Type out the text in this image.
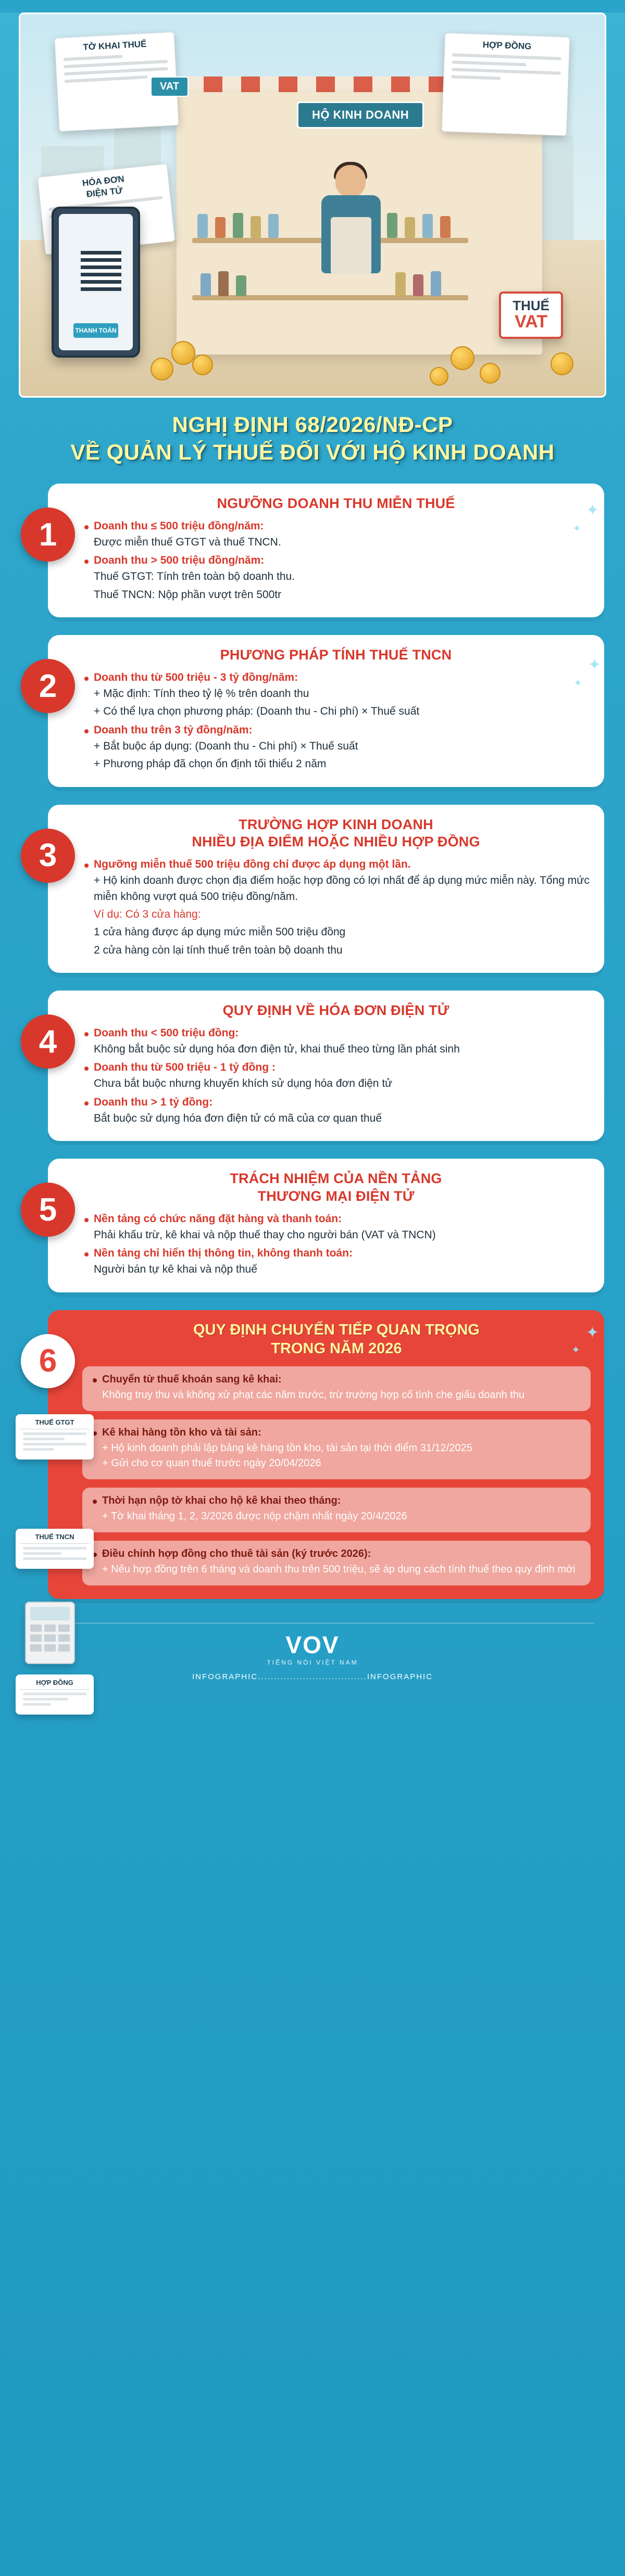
HỘ KINH DOANH
TỜ KHAI THUẾ
VAT
HỢP ĐỒNG
HÓA ĐƠN
ĐIỆN TỬ
THANH TOÁN
THUẾ
VAT
NGHỊ ĐỊNH 68/2026/NĐ-CP
VỀ QUẢN LÝ THUẾ ĐỐI VỚI HỘ KINH DOANH
✦
✦
1
NGƯỠNG DOANH THU MIỄN THUẾ
Doanh thu ≤ 500 triệu đồng/năm:
Được miễn thuế GTGT và thuế TNCN.
Doanh thu > 500 triệu đồng/năm:
Thuế GTGT: Tính trên toàn bộ doanh thu.
Thuế TNCN: Nộp phần vượt trên 500tr
✦
✦
2
PHƯƠNG PHÁP TÍNH THUẾ TNCN
Doanh thu từ 500 triệu - 3 tỷ đồng/năm:
+ Mặc định: Tính theo tỷ lệ % trên doanh thu
+ Có thể lựa chọn phương pháp: (Doanh thu - Chi phí) × Thuế suất
Doanh thu trên 3 tỷ đồng/năm:
+ Bắt buộc áp dụng: (Doanh thu - Chi phí) × Thuế suất
+ Phương pháp đã chọn ổn định tối thiểu 2 năm
3
TRƯỜNG HỢP KINH DOANH
NHIỀU ĐỊA ĐIỂM HOẶC NHIỀU HỢP ĐỒNG
Ngưỡng miễn thuế 500 triệu đồng chỉ được áp dụng một lần.
+ Hộ kinh doanh được chọn địa điểm hoặc hợp đồng có lợi nhất để áp dụng mức miễn này. Tổng mức miễn không vượt quá 500 triệu đồng/năm.
Ví dụ: Có 3 cửa hàng:
1 cửa hàng được áp dụng mức miễn 500 triệu đồng
2 cửa hàng còn lại tính thuế trên toàn bộ doanh thu
4
QUY ĐỊNH VỀ HÓA ĐƠN ĐIỆN TỬ
Doanh thu < 500 triệu đồng:
Không bắt buộc sử dụng hóa đơn điện tử, khai thuế theo từng lần phát sinh
Doanh thu từ 500 triệu - 1 tỷ đồng :
Chưa bắt buộc nhưng khuyến khích sử dụng hóa đơn điện tử
Doanh thu > 1 tỷ đồng:
Bắt buộc sử dụng hóa đơn điện tử có mã của cơ quan thuế
5
TRÁCH NHIỆM CỦA NỀN TẢNG
THƯƠNG MẠI ĐIỆN TỬ
Nền tảng có chức năng đặt hàng và thanh toán:
Phải khấu trừ, kê khai và nộp thuế thay cho người bán (VAT và TNCN)
Nền tảng chỉ hiển thị thông tin, không thanh toán:
Người bán tự kê khai và nộp thuế
✦
✦
6
THUẾ GTGT
THUẾ TNCN
HỢP ĐỒNG
QUY ĐỊNH CHUYỂN TIẾP QUAN TRỌNG
TRONG NĂM 2026
Chuyển từ thuế khoán sang kê khai:
Không truy thu và không xử phạt các năm trước, trừ trường hợp cố tình che giấu doanh thu
Kê khai hàng tồn kho và tài sản:
+ Hộ kinh doanh phải lập bảng kê hàng tồn kho, tài sản tại thời điểm 31/12/2025
+ Gửi cho cơ quan thuế trước ngày 20/04/2026
Thời hạn nộp tờ khai cho hộ kê khai theo tháng:
+ Tờ khai tháng 1, 2, 3/2026 được nộp chậm nhất ngày 20/4/2026
Điều chỉnh hợp đồng cho thuê tài sản (ký trước 2026):
+ Nếu hợp đồng trên 6 tháng và doanh thu trên 500 triệu, sẽ áp dụng cách tính thuế theo quy định mới
VOV
TIẾNG NÓI VIỆT NAM
INFOGRAPHIC..................................INFOGRAPHIC
